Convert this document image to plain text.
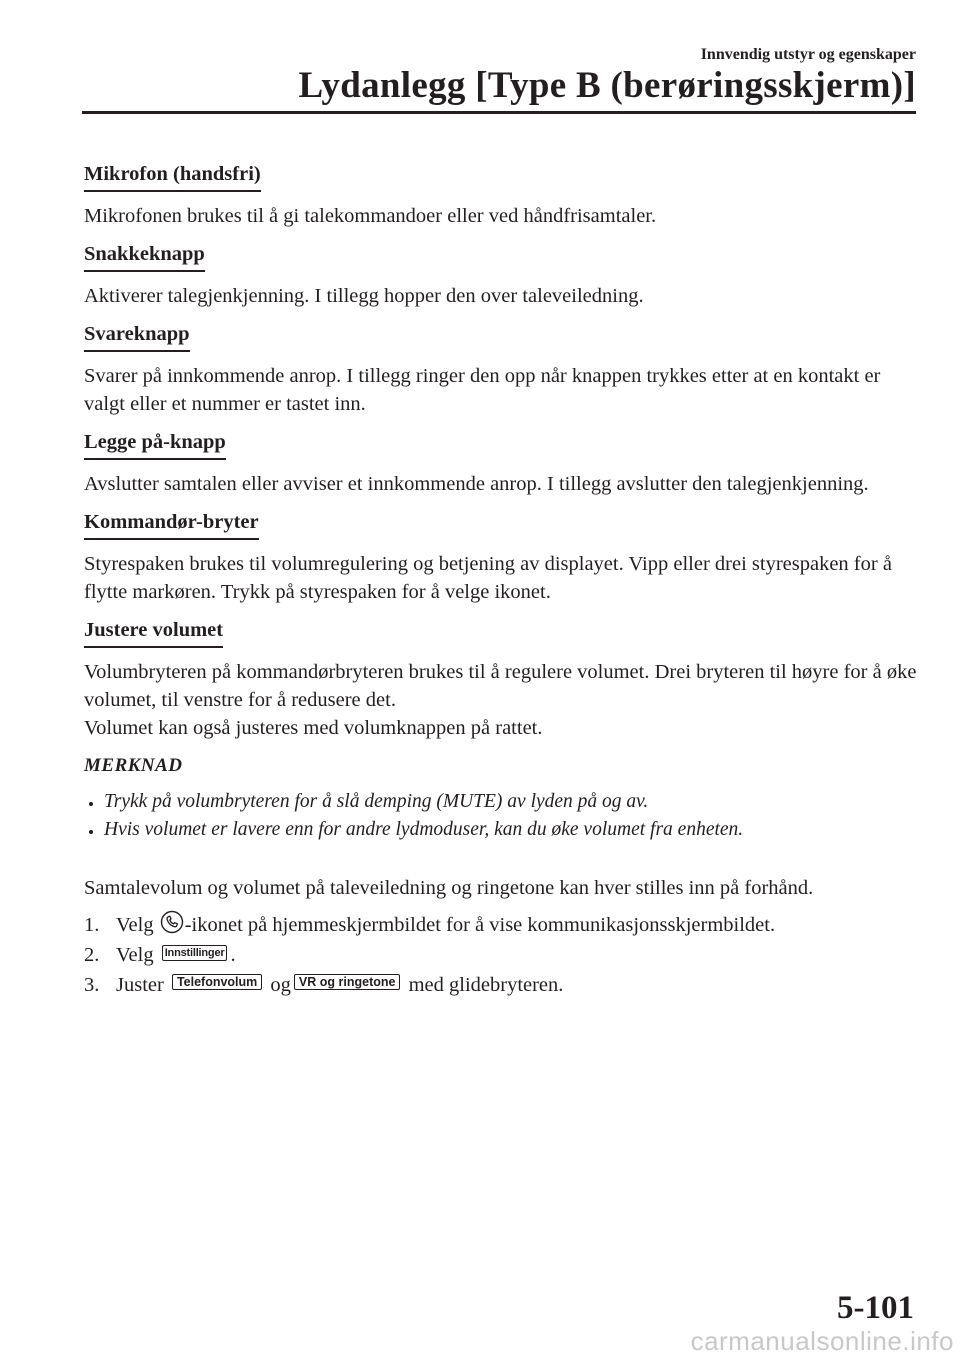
Innvendig utstyr og egenskaper
Lydanlegg [Type B (berøringsskjerm)]
Mikrofon (handsfri)

Mikrofonen brukes til å gi talekommandoer eller ved håndfrisamtaler.

Snakkeknapp

Aktiverer talegjenkjenning. I tillegg hopper den over taleveiledning.

Svareknapp

Svarer på innkommende anrop. I tillegg ringer den opp når knappen trykkes etter at en kontakt er valgt eller et nummer er tastet inn.

Legge på-knapp

Avslutter samtalen eller avviser et innkommende anrop. I tillegg avslutter den talegjenkjenning.

Kommandør-bryter

Styrespaken brukes til volumregulering og betjening av displayet. Vipp eller drei styrespaken for å flytte markøren. Trykk på styrespaken for å velge ikonet.

Justere volumet

Volumbryteren på kommandørbryteren brukes til å regulere volumet. Drei bryteren til høyre for å øke volumet, til venstre for å redusere det.

Volumet kan også justeres med volumknappen på rattet.

MERKNAD
Trykk på volumbryteren for å slå demping (MUTE) av lyden på og av.
Hvis volumet er lavere enn for andre lydmoduser, kan du øke volumet fra enheten.

Samtalevolum og volumet på taleveiledning og ringetone kan hver stilles inn på forhånd.

1. Velg -ikonet på hjemmeskjermbildet for å vise kommunikasjonsskjermbildet.
2. Velg Innstillinger .
3. Juster Telefonvolum og VR og ringetone med glidebryteren.
5-101
carmanualsonline.info
